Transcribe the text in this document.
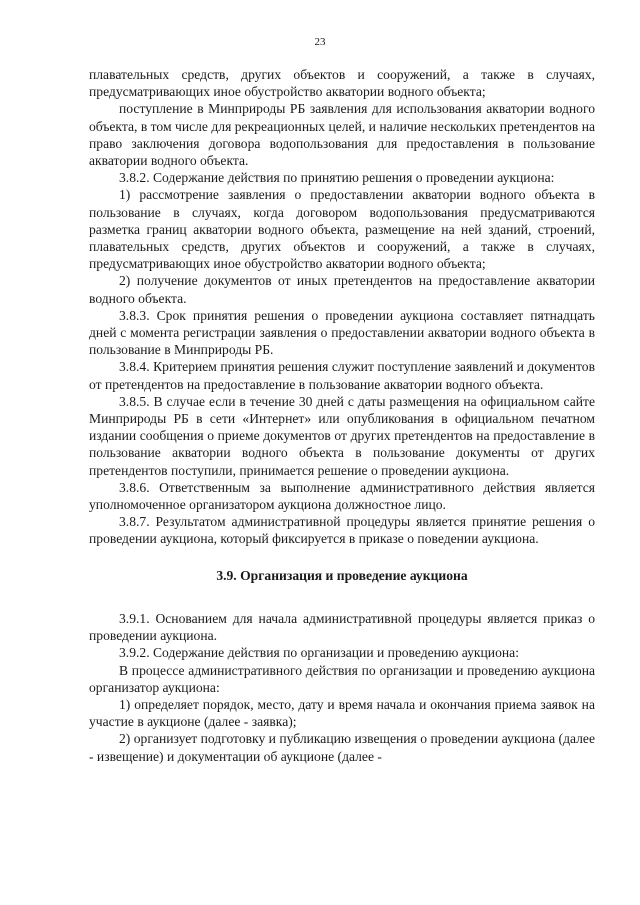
23

плавательных средств, других объектов и сооружений, а также в случаях, предусматривающих иное обустройство акватории водного объекта;

поступление в Минприроды РБ заявления для использования акватории водного объекта, в том числе для рекреационных целей, и наличие нескольких претендентов на право заключения договора водопользования для предоставления в пользование акватории водного объекта.

3.8.2. Содержание действия по принятию решения о проведении аукциона:

1) рассмотрение заявления о предоставлении акватории водного объекта в пользование в случаях, когда договором водопользования предусматриваются разметка границ акватории водного объекта, размещение на ней зданий, строений, плавательных средств, других объектов и сооружений, а также в случаях, предусматривающих иное обустройство акватории водного объекта;

2) получение документов от иных претендентов на предоставление акватории водного объекта.

3.8.3. Срок принятия решения о проведении аукциона составляет пятнадцать дней с момента регистрации заявления о предоставлении акватории водного объекта в пользование в Минприроды РБ.

3.8.4. Критерием принятия решения служит поступление заявлений и документов от претендентов на предоставление в пользование акватории водного объекта.

3.8.5. В случае если в течение 30 дней с даты размещения на официальном сайте Минприроды РБ в сети «Интернет» или опубликования в официальном печатном издании сообщения о приеме документов от других претендентов на предоставление в пользование акватории водного объекта в пользование документы от других претендентов поступили, принимается решение о проведении аукциона.

3.8.6. Ответственным за выполнение административного действия является уполномоченное организатором аукциона должностное лицо.

3.8.7. Результатом административной процедуры является принятие решения о проведении аукциона, который фиксируется в приказе о поведении аукциона.

3.9. Организация и проведение аукциона

3.9.1. Основанием для начала административной процедуры является приказ о проведении аукциона.

3.9.2. Содержание действия по организации и проведению аукциона:

В процессе административного действия по организации и проведению аукциона организатор аукциона:

1) определяет порядок, место, дату и время начала и окончания приема заявок на участие в аукционе (далее - заявка);

2) организует подготовку и публикацию извещения о проведении аукциона (далее - извещение) и документации об аукционе (далее -
